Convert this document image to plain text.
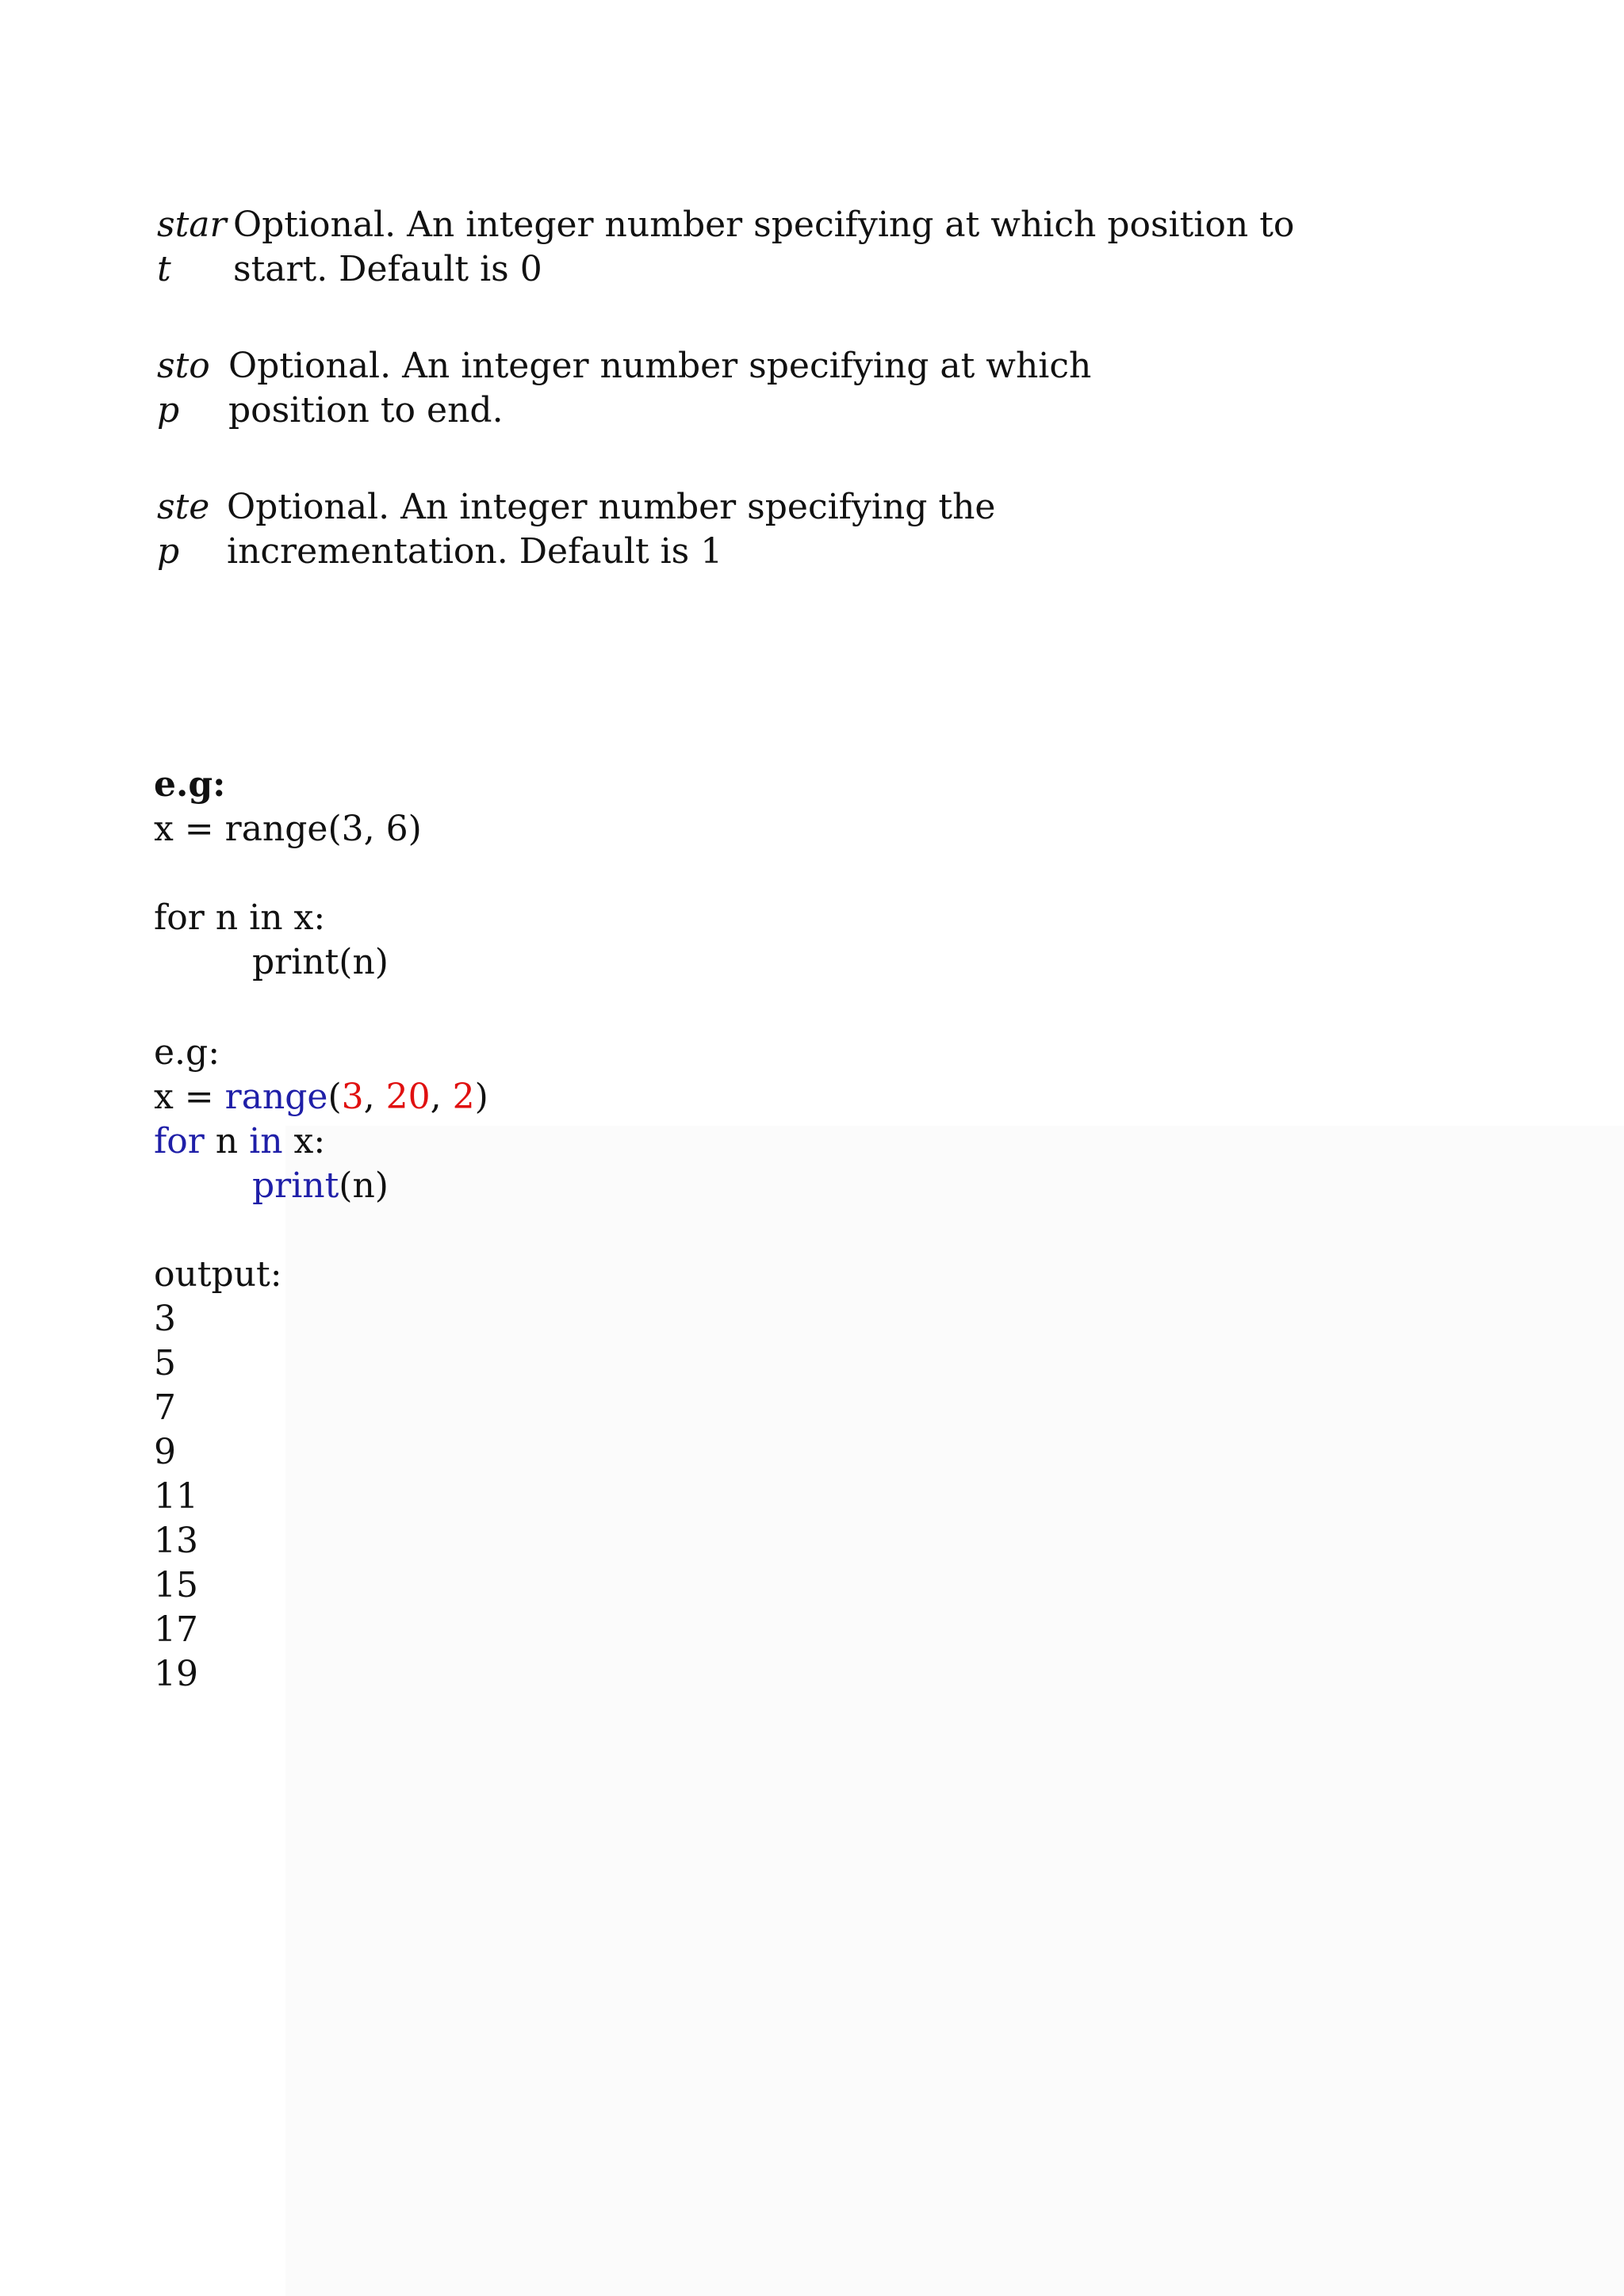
star
t
Optional. An integer number specifying at which position to
start. Default is 0
sto
p
Optional. An integer number specifying at which
position to end.
ste
p
Optional. An integer number specifying the
incrementation. Default is 1

e.g:

x = range(3, 6)

for n in x:

print(n)

e.g:

x = range(3, 20, 2)

for n in x:

print(n)

output:

3

5

7

9

11

13

15

17

19
